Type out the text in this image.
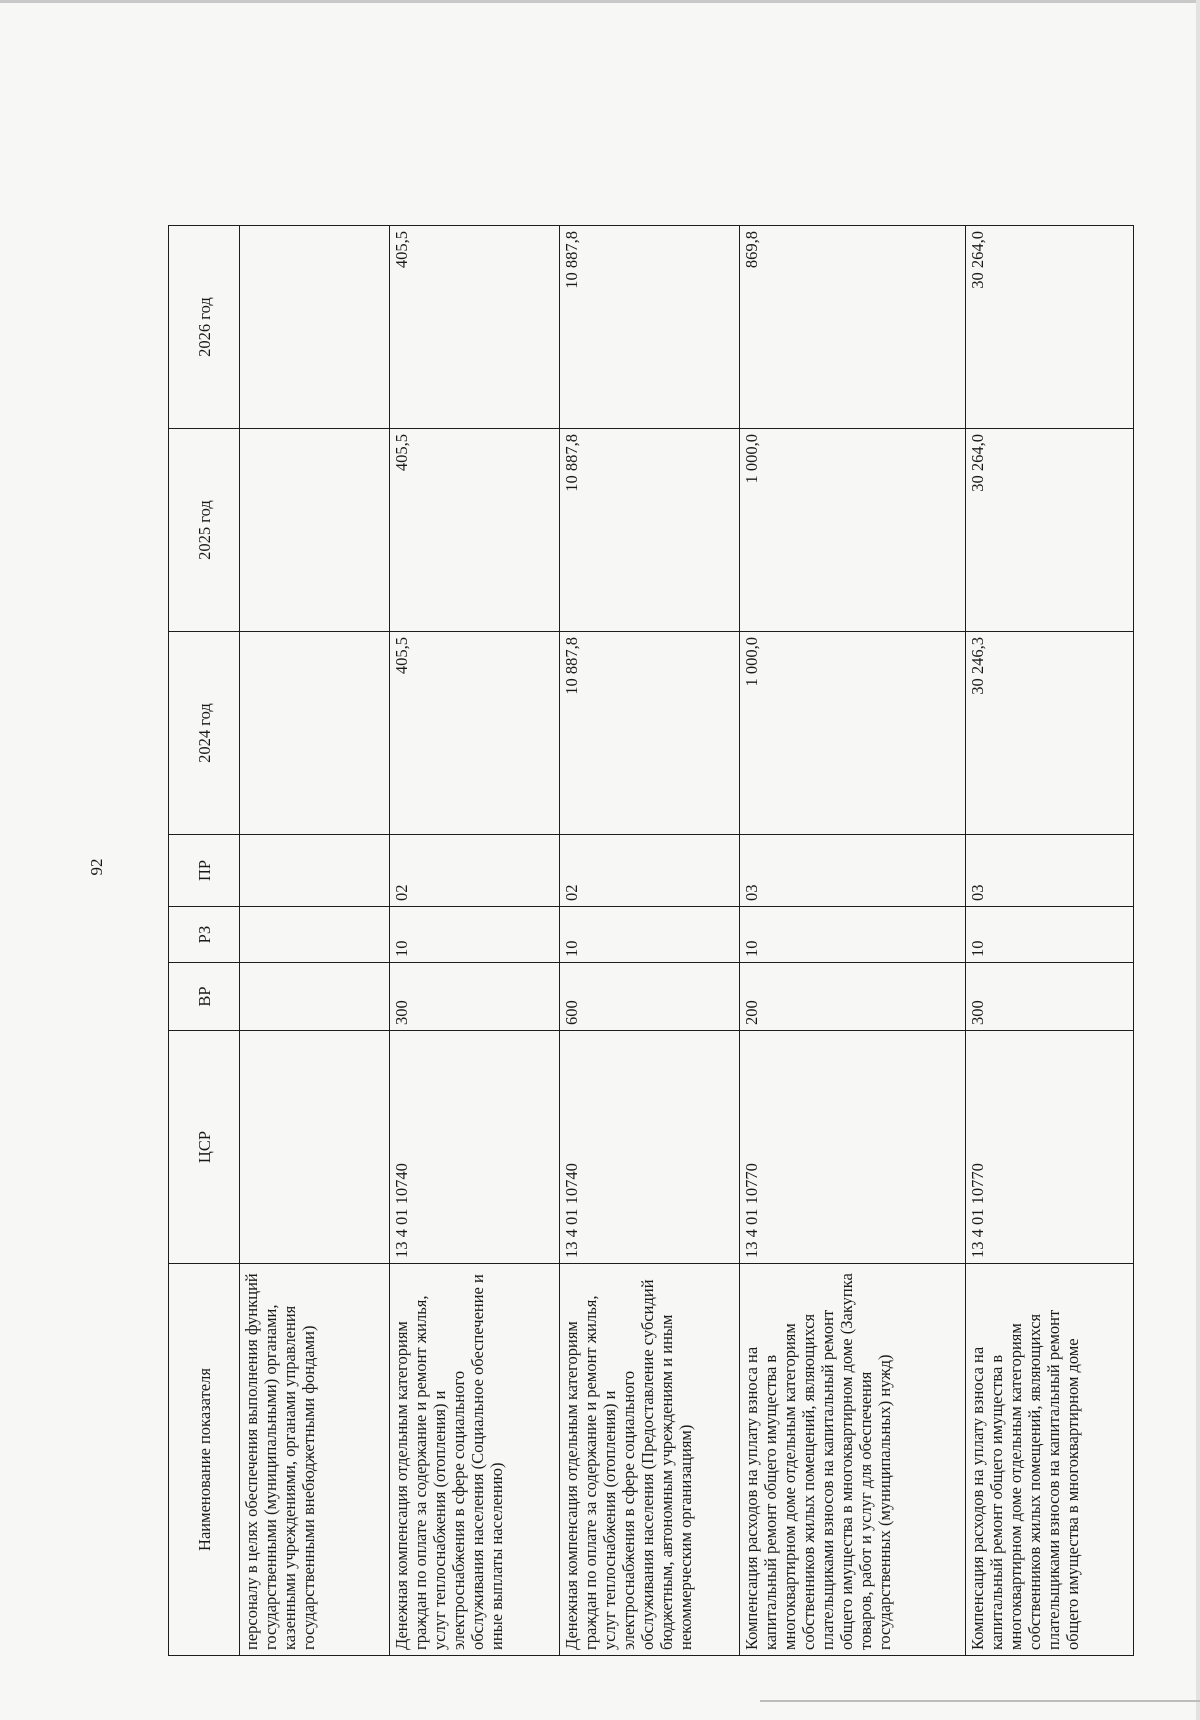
92
Наименование показателя	ЦСР	ВР	РЗ	ПР	2024 год	2025 год	2026 год
персоналу в целях обеспечения выполнения функций государственными (муниципальными) органами, казенными учреждениями, органами управления государственными внебюджетными фондами)							
Денежная компенсация отдельным категориям граждан по оплате за содержание и ремонт жилья, услуг теплоснабжения (отопления) и электроснабжения в сфере социального обслуживания населения (Социальное обеспечение и иные выплаты населению)	13 4 01 10740	300	10	02	405,5	405,5	405,5
Денежная компенсация отдельным категориям граждан по оплате за содержание и ремонт жилья, услуг теплоснабжения (отопления) и электроснабжения в сфере социального обслуживания населения (Предоставление субсидий бюджетным, автономным учреждениям и иным некоммерческим организациям)	13 4 01 10740	600	10	02	10 887,8	10 887,8	10 887,8
Компенсация расходов на уплату взноса на капитальный ремонт общего имущества в многоквартирном доме отдельным категориям собственников жилых помещений, являющихся плательщиками взносов на капитальный ремонт общего имущества в многоквартирном доме (Закупка товаров, работ и услуг для обеспечения государственных (муниципальных) нужд)	13 4 01 10770	200	10	03	1 000,0	1 000,0	869,8
Компенсация расходов на уплату взноса на капитальный ремонт общего имущества в многоквартирном доме отдельным категориям собственников жилых помещений, являющихся плательщиками взносов на капитальный ремонт общего имущества в многоквартирном доме	13 4 01 10770	300	10	03	30 246,3	30 264,0	30 264,0
